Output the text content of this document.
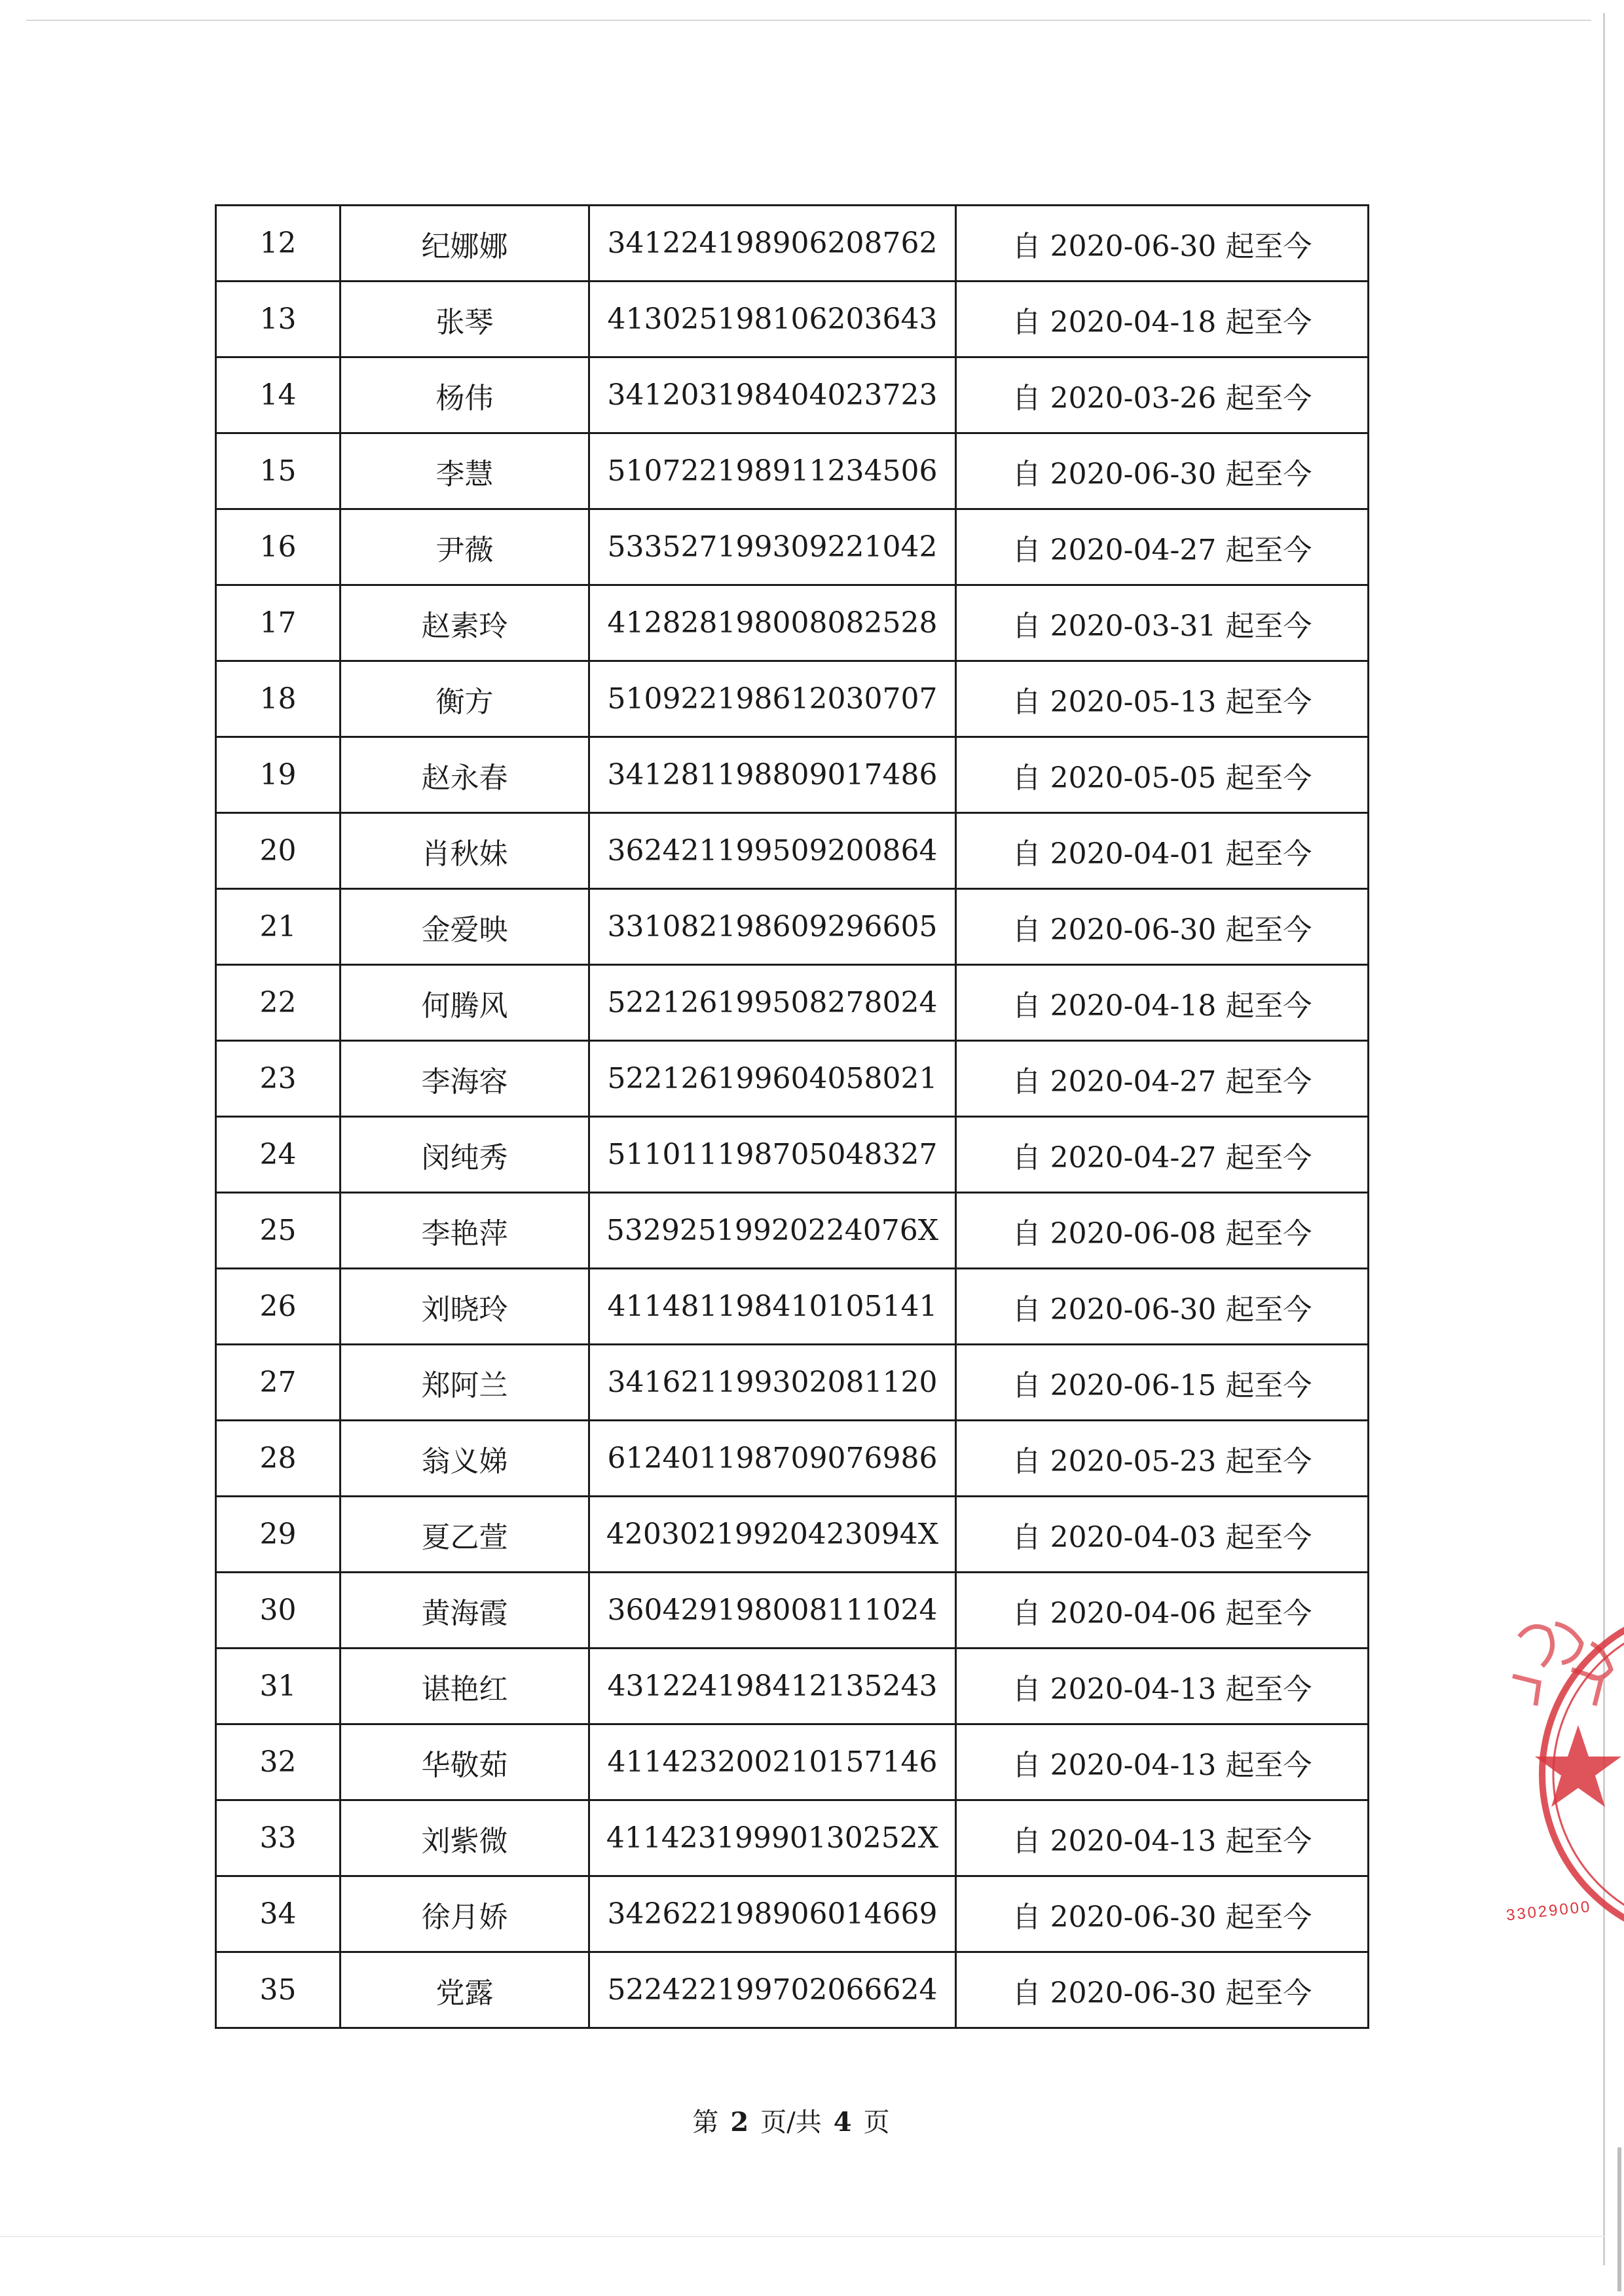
12	纪娜娜	341224198906208762	自 2020-06-30 起至今
13	张琴	413025198106203643	自 2020-04-18 起至今
14	杨伟	341203198404023723	自 2020-03-26 起至今
15	李慧	510722198911234506	自 2020-06-30 起至今
16	尹薇	533527199309221042	自 2020-04-27 起至今
17	赵素玲	412828198008082528	自 2020-03-31 起至今
18	衡方	510922198612030707	自 2020-05-13 起至今
19	赵永春	341281198809017486	自 2020-05-05 起至今
20	肖秋妹	362421199509200864	自 2020-04-01 起至今
21	金爱映	331082198609296605	自 2020-06-30 起至今
22	何腾风	522126199508278024	自 2020-04-18 起至今
23	李海容	522126199604058021	自 2020-04-27 起至今
24	闵纯秀	511011198705048327	自 2020-04-27 起至今
25	李艳萍	53292519920224076X	自 2020-06-08 起至今
26	刘晓玲	411481198410105141	自 2020-06-30 起至今
27	郑阿兰	341621199302081120	自 2020-06-15 起至今
28	翁义娣	612401198709076986	自 2020-05-23 起至今
29	夏乙萱	42030219920423094X	自 2020-04-03 起至今
30	黄海霞	360429198008111024	自 2020-04-06 起至今
31	谌艳红	431224198412135243	自 2020-04-13 起至今
32	华敬茹	411423200210157146	自 2020-04-13 起至今
33	刘紫微	41142319990130252X	自 2020-04-13 起至今
34	徐月娇	342622198906014669	自 2020-06-30 起至今
35	党露	522422199702066624	自 2020-06-30 起至今
第 2 页/共 4 页
33029000
